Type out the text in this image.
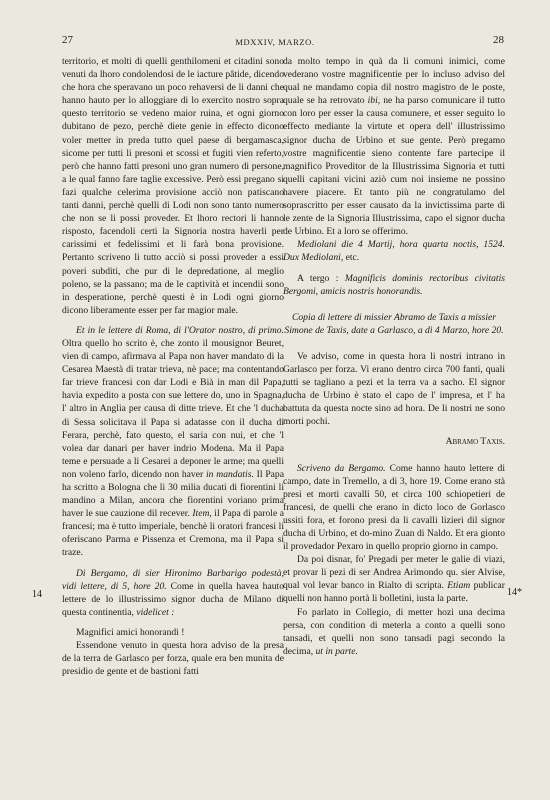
27	MDXXIV, MARZO.	28
14	14*

territorio, et molti di quelli genthilomeni et citadini sono venuti da lhoro condolendosi de le iacture pâtide, dicendo che hora che speravano un poco rehaversi de li danni che hanno hauto per lo alloggiare di lo exercito nostro sopra questo territorio se vedeno maior ruina, et ogni giorno dubitano de pezo, perchè diete genie in effecto dicono voler metter in preda tutto quel paese di bergamasca, sicome per tutti li presoni et scossi et fugiti vien referto, però che hanno fatti presoni uno gran numero di persone, a le qual fanno fare taglie excessive. Però essi pregano si fazi qualche celerima provisione acciò non patiscano tanti danni, perchè quelli di Lodi non sono tanto numero che non se li possi proveder. Et lhoro rectori li hanno risposto, facendoli certi la Signoria nostra haverli per carissimi et fedelissimi et li farà bona provisione. Pertanto scriveno li tutto acciò si possi proveder a essi poveri subditi, che pur di le depredatione, al meglio poleno, se la passano; ma de le captività et incendii sono in desperatione, perchè questi è in Lodi ogni giorno dicono liberamente esser per far magior male.

Et in le lettere di Roma, di l'Orator nostro, di primo. Oltra quello ho scrito è, che zonto il mousignor Beuret, vien di campo, afirmava al Papa non haver mandato di la Cesarea Maestà di tratar trieva, nè pace; ma contentando far trieve francesi con dar Lodi e Bià in man dil Papa, havia expedito a posta con sue lettere do, uno in Spagna, l' altro in Anglia per causa di ditte trieve. Et che 'l ducha di Sessa solicitava il Papa si adatasse con il ducha di Ferara, perchè, fato questo, el saria con nui, et che 'l volea dar danari per haver indrio Modena. Ma il Papa teme e persuade a li Cesarei a deponer le arme; ma quelli non voleno farlo, dicendo non haver in mandatis. Il Papa ha scritto a Bologna che li 30 milia ducati di fiorentini li mandino a Milan, ancora che fiorentini voriano prima haver le sue cauzione dil recever. Item, il Papa di parole a francesi; ma è tutto imperiale, benchè li oratori francesi li oferiscano Parma e Pissenza et Cremona, ma il Papa si traze.

Di Bergamo, di sier Hironimo Barbarigo podestà, vidi lettere, di 5, hore 20. Come in quella havea hauto lettere de lo illustrissimo signor ducha de Milano di questa continentia, videlicet :

Magnifici amici honorandi !

Essendone venuto in questa hora adviso de la presa de la terra de Garlasco per forza, quale era ben munita de presidio de gente et de bastioni fatti

da molto tempo in quà da li comuni inimici, come vederano vostre magnificentie per lo incluso adviso del qual ne mandamo copia dil nostro magistro de le poste, quale se ha retrovato ibi, ne ha parso comunicare il tutto con loro per esser la causa comunere, et esser seguito lo effecto mediante la virtute et opera dell' illustrissimo signor ducha de Urbino et sue gente. Però pregamo vostre magnificentie sieno contente fare partecipe il magnifico Proveditor de la Illustrissima Signoria et tutti quelli capitani vicini aziò cum noi insieme ne possino havere piacere. Et tanto più ne congratulamo del soprascritto per esser causato da la invictissima parte di le zente de la Signoria Illustrissima, capo el signor ducha de Urbino. Et a loro se offerimo.

Mediolani die 4 Martij, hora quarta noctis, 1524. Dux Mediolani, etc.

A tergo : Magnificis dominis rectoribus civitatis Bergomi, amicis nostris honorandis.

Copia di lettere di missier Abramo de Taxis a missier Simone de Taxis, date a Garlasco, a dì 4 Marzo, hore 20.

Ve adviso, come in questa hora li nostri intrano in Garlasco per forza. Vi erano dentro circa 700 fanti, quali tutti se tagliano a pezi et la terra va a sacho. El signor ducha de Urbino è stato el capo de l' impresa, et l' ha battuta da questa nocte sino ad hora. De li nostri ne sono morti pochi.

Abramo Taxis.

Scriveno da Bergamo. Come hanno hauto lettere di campo, date in Tremello, a dì 3, hore 19. Come erano stà presi et morti cavalli 50, et circa 100 schiopetieri de francesi, de quelli che erano in dicto loco de Gorlasco ussiti fora, et forono presi da li cavalli lizieri dil signor ducha di Urbino, et do-mino Zuan di Naldo. Et era gionto il provedador Pexaro in quello proprio giorno in campo.

Da poi disnar, fo' Pregadi per meter le galie di viazi, et provar li pezi di ser Andrea Arimondo qu. sier Alvise, qual vol levar banco in Rialto di scripta. Etiam publicar quelli non hanno portà li bolletini, iusta la parte.

Fo parlato in Collegio, di metter hozi una decima persa, con condition di meterla a conto a quelli sono tansadi, et quelli non sono tansadi pagi secondo la decima, ut in parte.
